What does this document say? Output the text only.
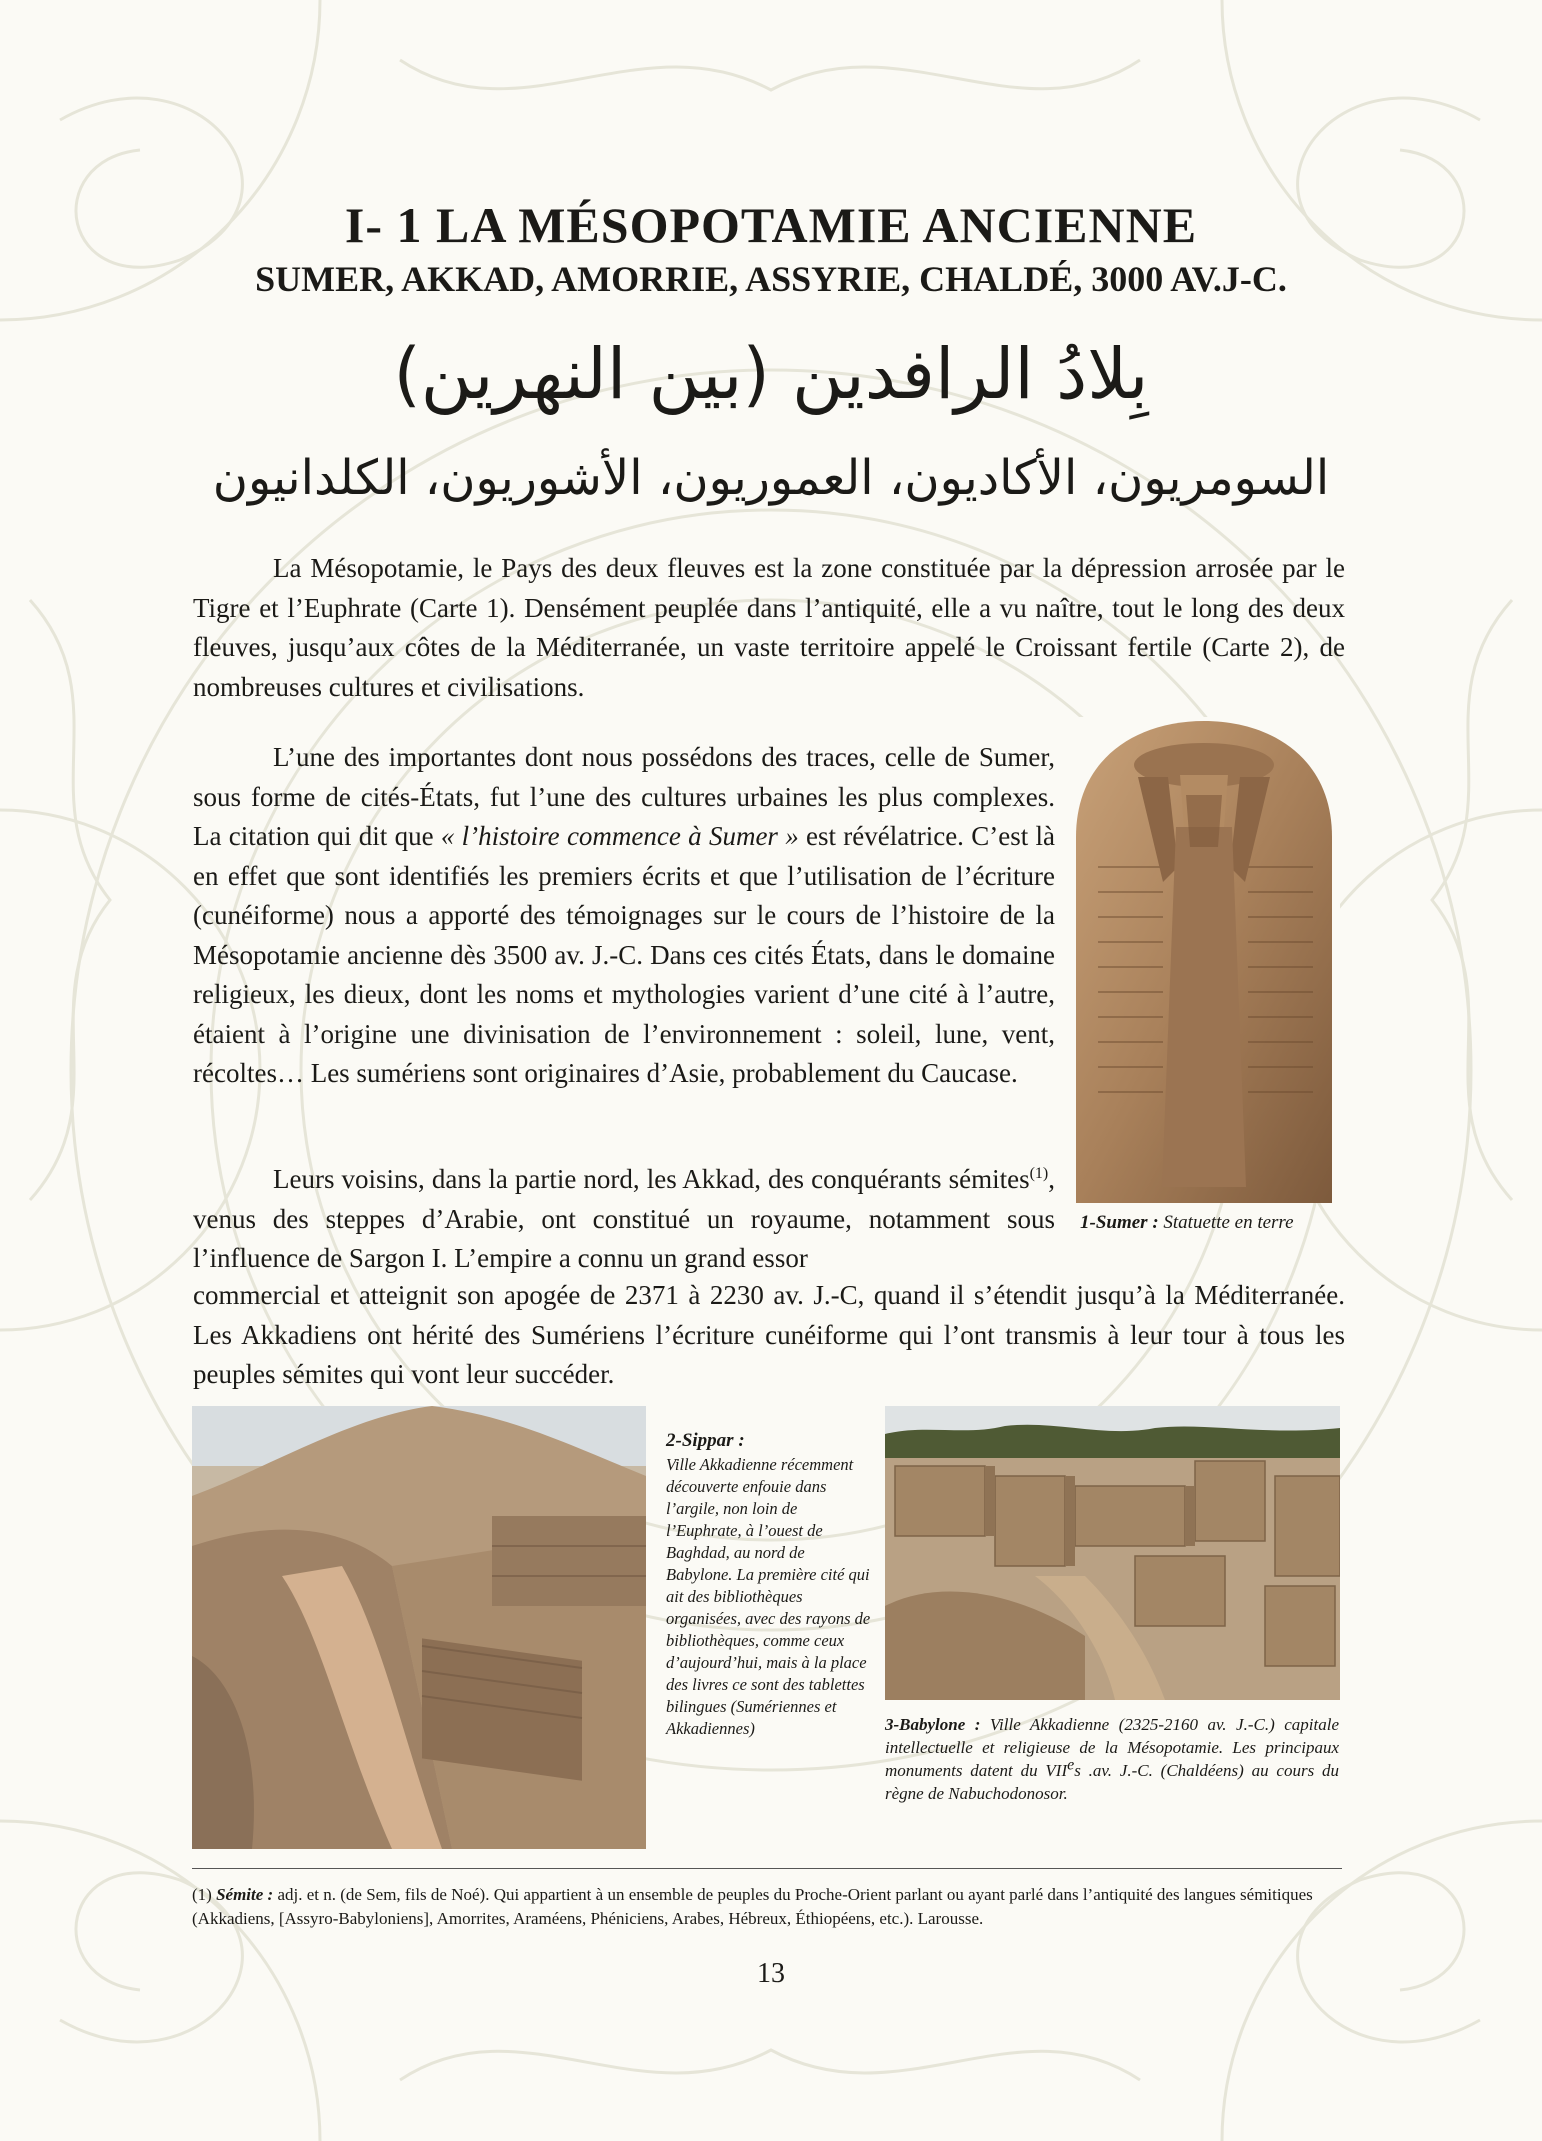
I- 1 LA MÉSOPOTAMIE ANCIENNE
SUMER, AKKAD, AMORRIE, ASSYRIE, CHALDÉ, 3000 AV.J-C.
بِلادُ الرافدين (بين النهرين)
السومريون، الأكاديون، العموريون، الأشوريون، الكلدانيون

La Mésopotamie, le Pays des deux fleuves est la zone constituée par la dépression arrosée par le Tigre et l’Euphrate (Carte 1). Densément peuplée dans l’antiquité, elle a vu naître, tout le long des deux fleuves, jusqu’aux côtes de la Méditerranée, un vaste territoire appelé le Croissant fertile (Carte 2), de nombreuses cultures et civilisations.

L’une des importantes dont nous possédons des traces, celle de Sumer, sous forme de cités-États, fut l’une des cultures urbaines les plus complexes. La citation qui dit que « l’histoire commence à Sumer » est révélatrice. C’est là en effet que sont identifiés les premiers écrits et que l’utilisation de l’écriture (cunéiforme) nous a apporté des témoignages sur le cours de l’histoire de la Mésopotamie ancienne dès 3500 av. J.-C. Dans ces cités États, dans le domaine religieux, les dieux, dont les noms et mythologies varient d’une cité à l’autre, étaient à l’origine une divinisation de l’environnement : soleil, lune, vent, récoltes… Les sumériens sont originaires d’Asie, probablement du Caucase.

Leurs voisins, dans la partie nord, les Akkad, des conquérants sémites$^{(1)}$, venus des steppes d’Arabie, ont constitué un royaume, notamment sous l’influence de Sargon I. L’empire a connu un grand essor

commercial et atteignit son apogée de 2371 à 2230 av. J.-C, quand il s’étendit jusqu’à la Méditerranée. Les Akkadiens ont hérité des Sumériens l’écriture cunéiforme qui l’ont transmis à leur tour à tous les peuples sémites qui vont leur succéder.

1-Sumer : Statuette en terre

2-Sippar :
Ville Akkadienne récemment découverte enfouie dans l’argile, non loin de l’Euphrate, à l’ouest de Baghdad, au nord de Babylone. La première cité qui ait des bibliothèques organisées, avec des rayons de bibliothèques, comme ceux d’aujourd’hui, mais à la place des livres ce sont des tablettes bilingues (Sumériennes et Akkadiennes)	3-Babylone : Ville Akkadienne (2325-2160 av. J.-C.) capitale intellectuelle et religieuse de la Mésopotamie. Les principaux monuments datent du VIIes .av. J.-C. (Chaldéens) au cours du règne de Nabuchodonosor.

(1) Sémite : adj. et n. (de Sem, fils de Noé). Qui appartient à un ensemble de peuples du Proche-Orient parlant ou ayant parlé dans l’antiquité des langues sémitiques (Akkadiens, [Assyro-Babyloniens], Amorrites, Araméens, Phéniciens, Arabes, Hébreux, Éthiopéens, etc.). Larousse.

13
